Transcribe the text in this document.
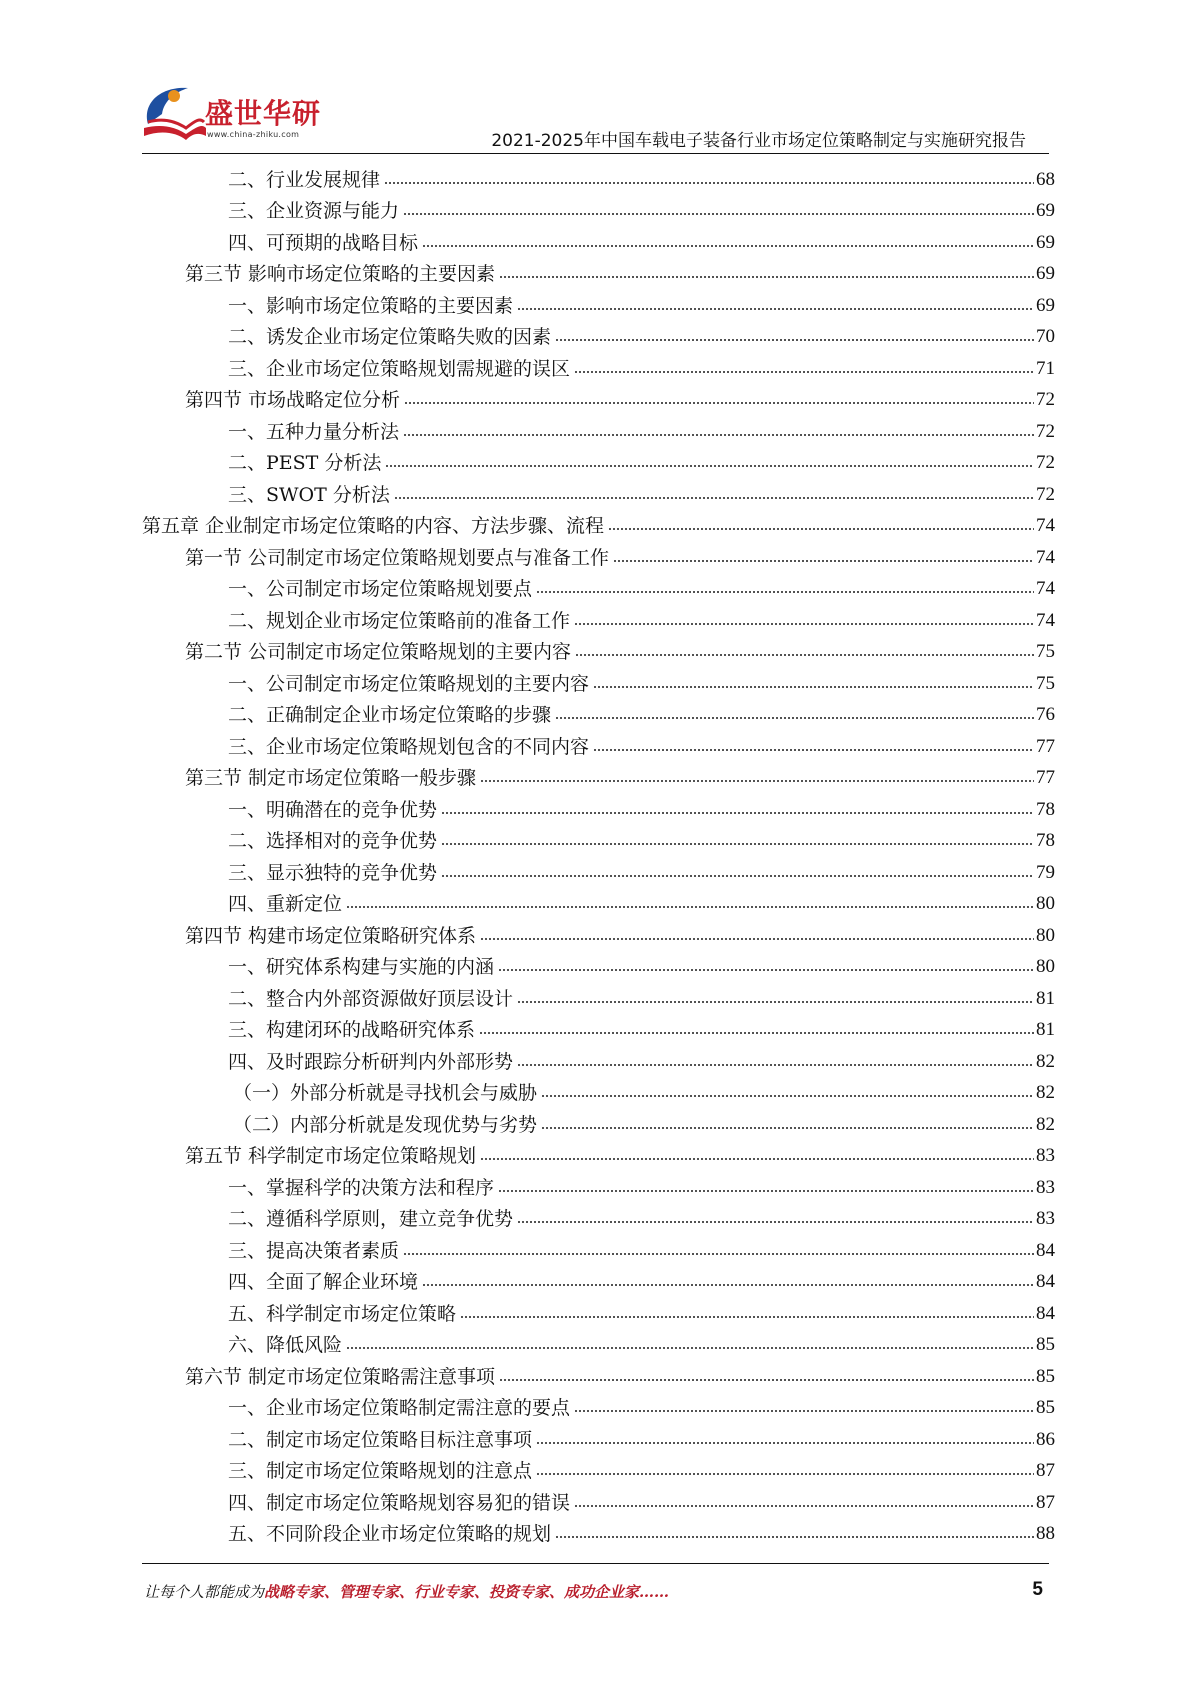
盛世华研
www.china-zhiku.com	2021-2025年中国车载电子装备行业市场定位策略制定与实施研究报告
二、行业发展规律	68
三、企业资源与能力	69
四、可预期的战略目标	69
第三节 影响市场定位策略的主要因素	69
一、影响市场定位策略的主要因素	69
二、诱发企业市场定位策略失败的因素	70
三、企业市场定位策略规划需规避的误区	71
第四节 市场战略定位分析	72
一、五种力量分析法	72
二、PEST 分析法	72
三、SWOT 分析法	72
第五章 企业制定市场定位策略的内容、方法步骤、流程	74
第一节 公司制定市场定位策略规划要点与准备工作	74
一、公司制定市场定位策略规划要点	74
二、规划企业市场定位策略前的准备工作	74
第二节 公司制定市场定位策略规划的主要内容	75
一、公司制定市场定位策略规划的主要内容	75
二、正确制定企业市场定位策略的步骤	76
三、企业市场定位策略规划包含的不同内容	77
第三节 制定市场定位策略一般步骤	77
一、明确潜在的竞争优势	78
二、选择相对的竞争优势	78
三、显示独特的竞争优势	79
四、重新定位	80
第四节 构建市场定位策略研究体系	80
一、研究体系构建与实施的内涵	80
二、整合内外部资源做好顶层设计	81
三、构建闭环的战略研究体系	81
四、及时跟踪分析研判内外部形势	82
（一）外部分析就是寻找机会与威胁	82
（二）内部分析就是发现优势与劣势	82
第五节 科学制定市场定位策略规划	83
一、掌握科学的决策方法和程序	83
二、遵循科学原则，建立竞争优势	83
三、提高决策者素质	84
四、全面了解企业环境	84
五、科学制定市场定位策略	84
六、降低风险	85
第六节 制定市场定位策略需注意事项	85
一、企业市场定位策略制定需注意的要点	85
二、制定市场定位策略目标注意事项	86
三、制定市场定位策略规划的注意点	87
四、制定市场定位策略规划容易犯的错误	87
五、不同阶段企业市场定位策略的规划	88
让每个人都能成为战略专家、管理专家、行业专家、投资专家、成功企业家……	5
